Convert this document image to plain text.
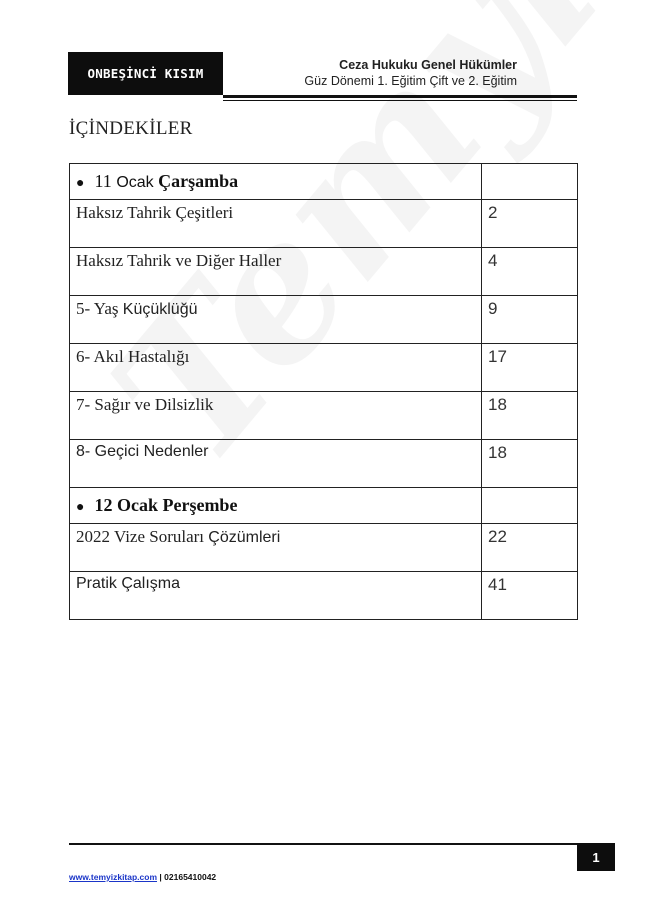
ONBEŞİNCİ KISIM
Ceza Hukuku Genel Hükümler
Güz Dönemi 1. Eğitim Çift ve 2. Eğitim
İÇİNDEKİLER
● 11 Ocak Çarşamba	
Haksız Tahrik Çeşitleri	2
Haksız Tahrik ve Diğer Haller	4
5- Yaş Küçüklüğü	9
6- Akıl Hastalığı	17
7- Sağır ve Dilsizlik	18
8- Geçici Nedenler	18
● 12 Ocak Perşembe	
2022 Vize Soruları Çözümleri	22
Pratik Çalışma	41
1
www.temyizkitap.com | 02165410042
